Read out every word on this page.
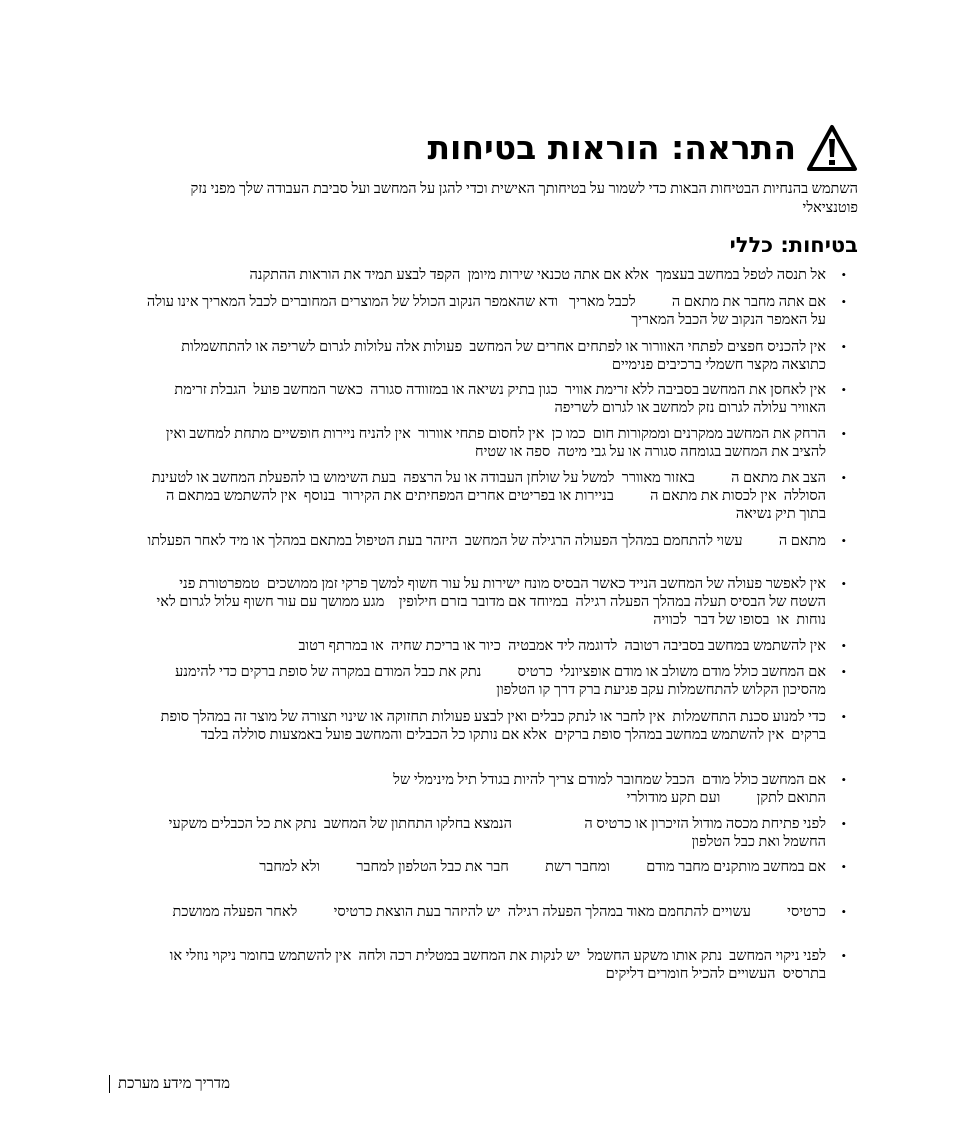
התראה: הוראות בטיחות

השתמש בהנחיות הבטיחות הבאות כדי לשמור על בטיחותך האישית וכדי להגן על המחשב ועל סביבת העבודה שלך מפני נזק פוטנציאלי

בטיחות: כללי
•
אל תנסה לטפל במחשב בעצמך  אלא אם אתה טכנאי שירות מיומן  הקפד לבצע תמיד את הוראות ההתקנה
•
אם אתה מחבר את מתאם ה          לכבל מאריך   ודא שהאמפר הנקוב הכולל של המוצרים המחוברים לכבל המאריך אינו עולה על האמפר הנקוב של הכבל המאריך
•
אין להכניס חפצים לפתחי האוורור או לפתחים אחרים של המחשב  פעולות אלה עלולות לגרום לשריפה או להתחשמלות כתוצאה מקצר חשמלי ברכיבים פנימיים
•
אין לאחסן את המחשב בסביבה ללא זרימת אוויר  כגון בתיק נשיאה או במזוודה סגורה  כאשר המחשב פועל  הגבלת זרימת האוויר עלולה לגרום נזק למחשב או לגרום לשריפה
•
הרחק את המחשב ממקרנים וממקורות חום  כמו כן  אין לחסום פתחי אוורור  אין להניח ניירות חופשיים מתחת למחשב ואין להציב את המחשב בגומחה סגורה או על גבי מיטה  ספה או שטיח
•
הצב את מתאם ה          באזור מאוורר  למשל על שולחן העבודה או על הרצפה  בעת השימוש בו להפעלת המחשב או לטעינת הסוללה  אין לכסות את מתאם ה          בניירות או בפריטים אחרים המפחיתים את הקירור  בנוסף  אין להשתמש במתאם ה          בתוך תיק נשיאה
•
מתאם ה          עשוי להתחמם במהלך הפעולה הרגילה של המחשב  היזהר בעת הטיפול במתאם במהלך או מיד לאחר הפעלתו
•
אין לאפשר פעולה של המחשב הנייד כאשר הבסיס מונח ישירות על עור חשוף למשך פרקי זמן ממושכים  טמפרטורת פני השטח של הבסיס תעלה במהלך הפעלה רגילה  במיוחד אם מדובר בזרם חילופין    מגע ממושך עם עור חשוף עלול לגרום לאי נוחות  או  בסופו של דבר  לכוויה
•
אין להשתמש במחשב בסביבה רטובה  לדוגמה ליד אמבטיה  כיור או בריכת שחיה  או במרתף רטוב
•
אם המחשב כולל מודם משולב או מודם אופציונלי  כרטיס          נתק את כבל המודם במקרה של סופת ברקים כדי להימנע מהסיכון הקלוש להתחשמלות עקב פגיעת ברק דרך קו הטלפון
•
כדי למנוע סכנת התחשמלות  אין לחבר או לנתק כבלים ואין לבצע פעולות תחזוקה או שינוי תצורה של מוצר זה במהלך סופת ברקים  אין להשתמש במחשב במהלך סופת ברקים  אלא אם נותקו כל הכבלים והמחשב פועל באמצעות סוללה בלבד
•
אם המחשב כולל מודם  הכבל שמחובר למודם צריך להיות בגודל תיל מינימלי של
התואם לתקן          ועם תקע מודולרי
•
לפני פתיחת מכסה מודול הזיכרון או כרטיס ה                    הנמצא בחלקו התחתון של המחשב  נתק את כל הכבלים משקעי החשמל ואת כבל הטלפון
•
אם במחשב מותקנים מחבר מודם          ומחבר רשת          חבר את כבל הטלפון למחבר          ולא למחבר
•
כרטיסי          עשויים להתחמם מאוד במהלך הפעלה רגילה  יש להיזהר בעת הוצאת כרטיסי          לאחר הפעלה ממושכת
•
לפני ניקוי המחשב  נתק אותו משקע החשמל  יש לנקות את המחשב במטלית רכה ולחה  אין להשתמש בחומר ניקוי נוזלי או בתרסיס  העשויים להכיל חומרים דליקים
מדריך מידע מערכת
